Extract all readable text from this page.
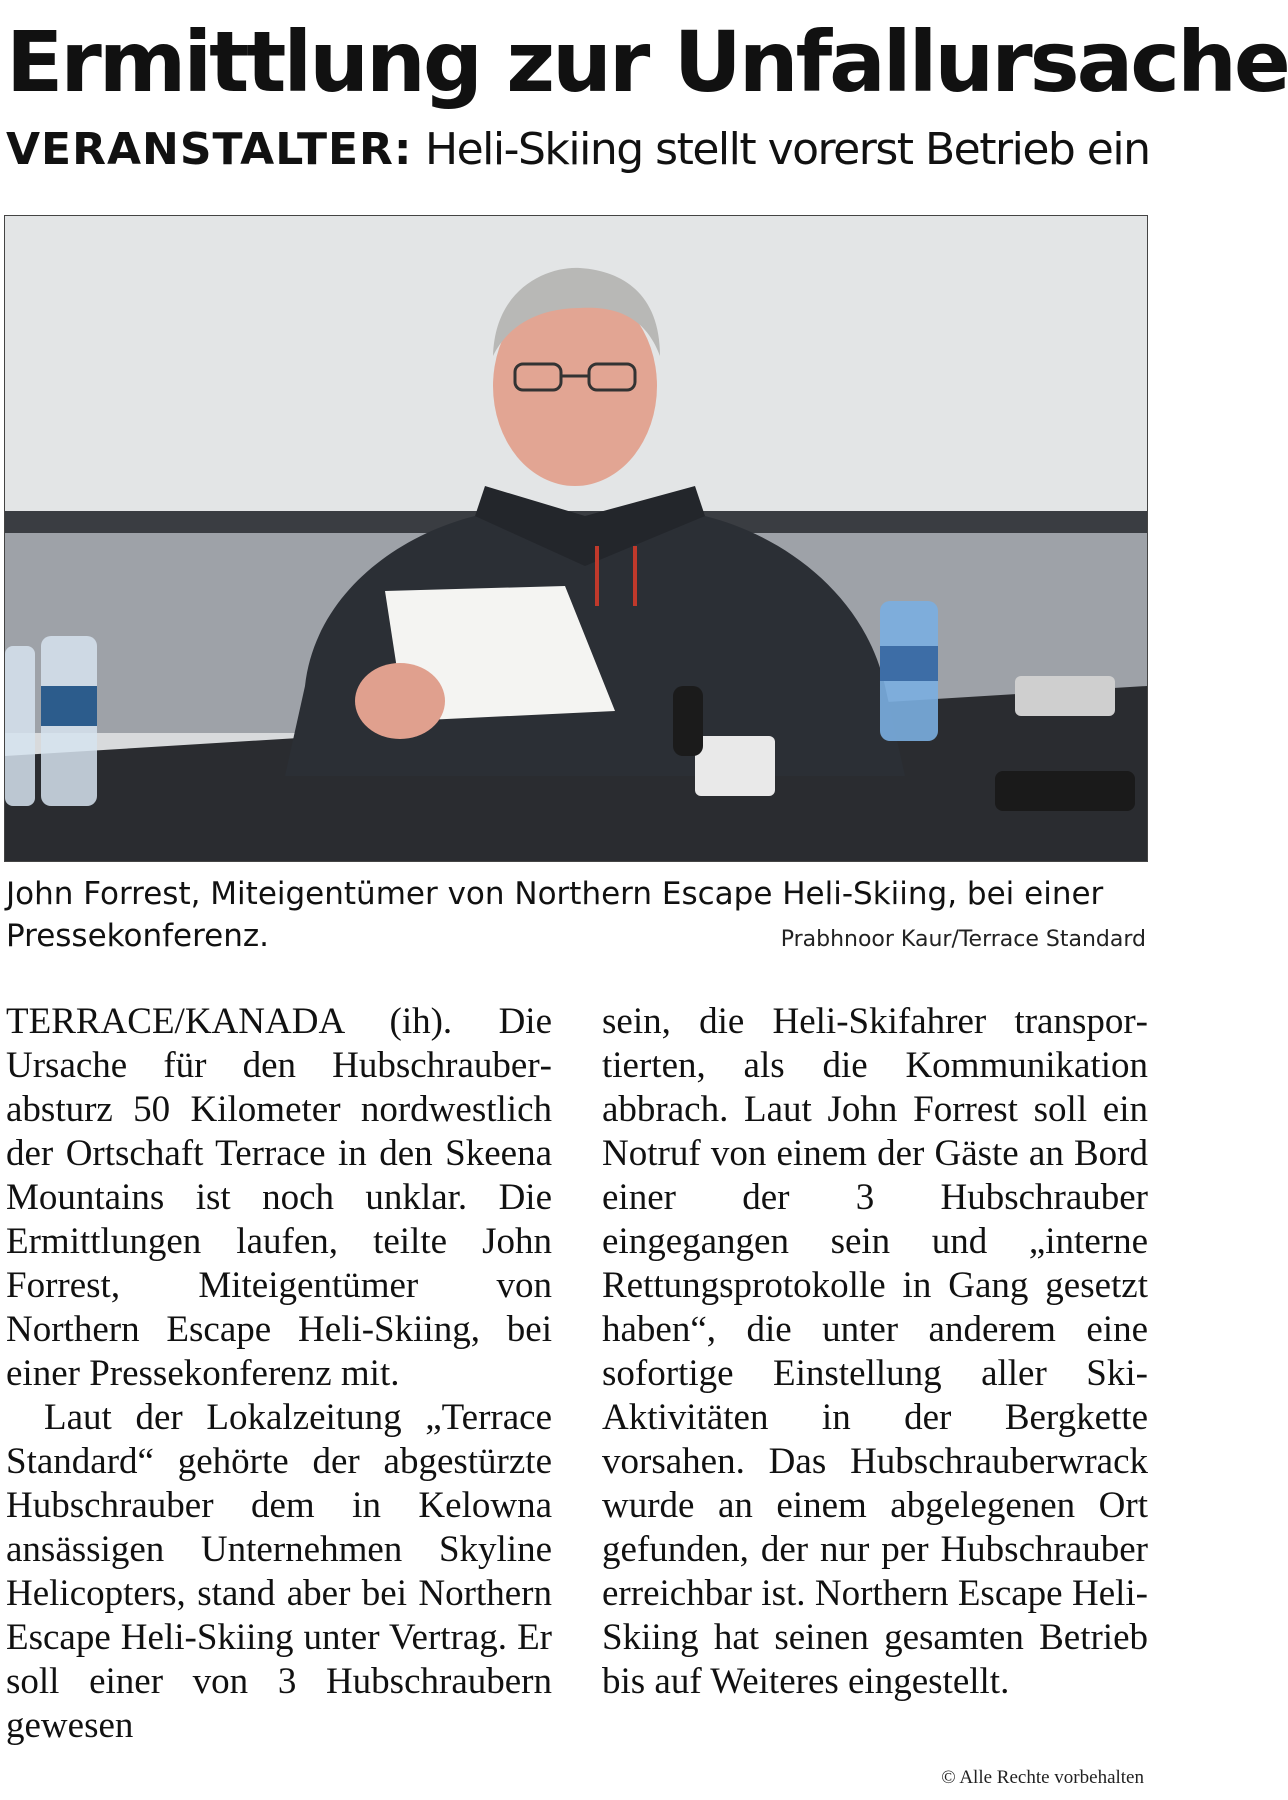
Ermittlung zur Unfallursache
VERANSTALTER: Heli-Skiing stellt vorerst Betrieb ein
John Forrest, Miteigentümer von Northern Escape Heli-Skiing, bei einer Pressekonferenz.	Prabhnoor Kaur/Terrace Standard

TERRACE/KANADA (ih). Die Ursache für den Hubschrauberabsturz 50 Kilometer nordwestlich der Ortschaft Terrace in den Skeena Mountains ist noch unklar. Die Ermittlungen laufen, teilte John Forrest, Miteigentümer von Northern Escape Heli-Skiing, bei einer Pressekonferenz mit.

Laut der Lokalzeitung „Terrace Standard“ gehörte der abgestürzte Hubschrauber dem in Kelowna ansässigen Unternehmen Skyline Helicopters, stand aber bei Northern Escape Heli-Skiing unter Vertrag. Er soll einer von 3 Hubschraubern gewesen

sein, die Heli-Skifahrer transportierten, als die Kommunikation abbrach. Laut John Forrest soll ein Notruf von einem der Gäste an Bord einer der 3 Hubschrauber eingegangen sein und „interne Rettungsprotokolle in Gang gesetzt haben“, die unter anderem eine sofortige Einstellung aller Ski-Aktivitäten in der Bergkette vorsahen. Das Hubschrauberwrack wurde an einem abgelegenen Ort gefunden, der nur per Hubschrauber erreichbar ist. Northern Escape Heli-Skiing hat seinen gesamten Betrieb bis auf Weiteres eingestellt.

© Alle Rechte vorbehalten
